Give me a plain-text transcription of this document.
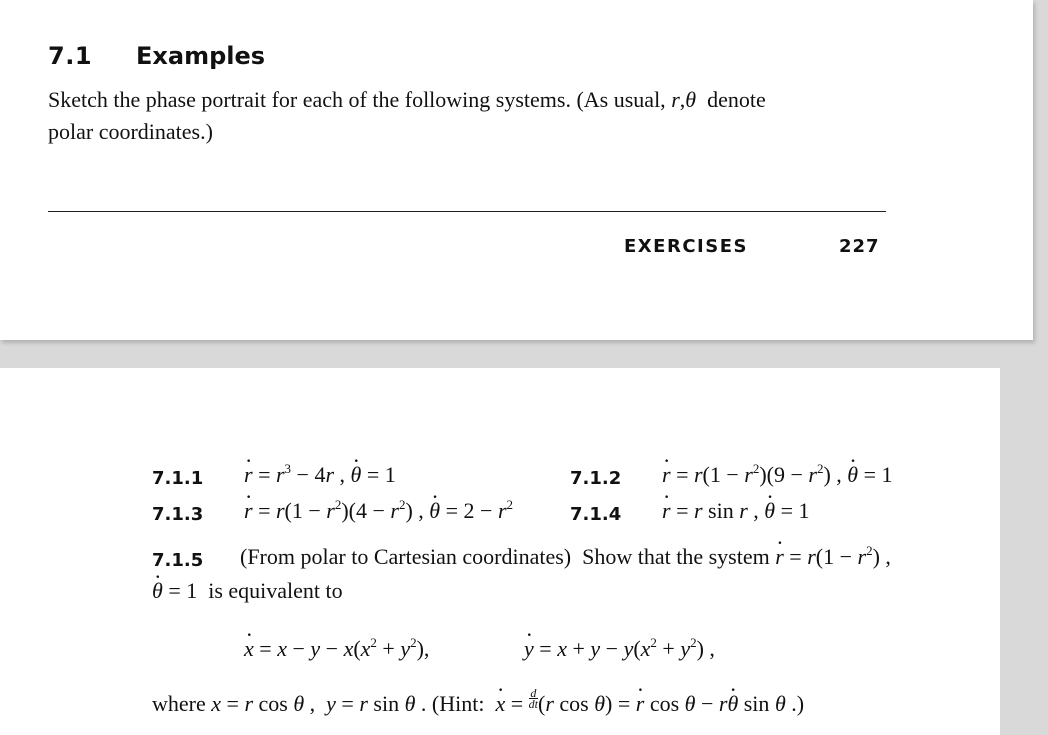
7.1 Examples
Sketch the phase portrait for each of the following systems. (As usual, r,θ  denote
polar coordinates.)
EXERCISES	227
7.1.1 r · = $r^3 - 4r$ , θ · = 1	7.1.2 r · = $r(1 - r^2)(9 - r^2)$ , θ · = 1
7.1.3 r · = $r(1 - r^2)(4 - r^2)$ , θ · = $2 - r^2$	7.1.4 r · = r sin r , θ · = 1
7.1.5 (From polar to Cartesian coordinates)  Show that the system r · = $r(1 - r^2)$ ,
θ · = 1  is equivalent to
x · = $x - y - x(x^2 + y^2)$,	y · = $x + y - y(x^2 + y^2)$ ,
where x = r cos θ ,  y = r sin θ . (Hint:  x · = $\frac{d}{dt} (r$ cos θ) = r · cos θ − rθ · sin θ .)
